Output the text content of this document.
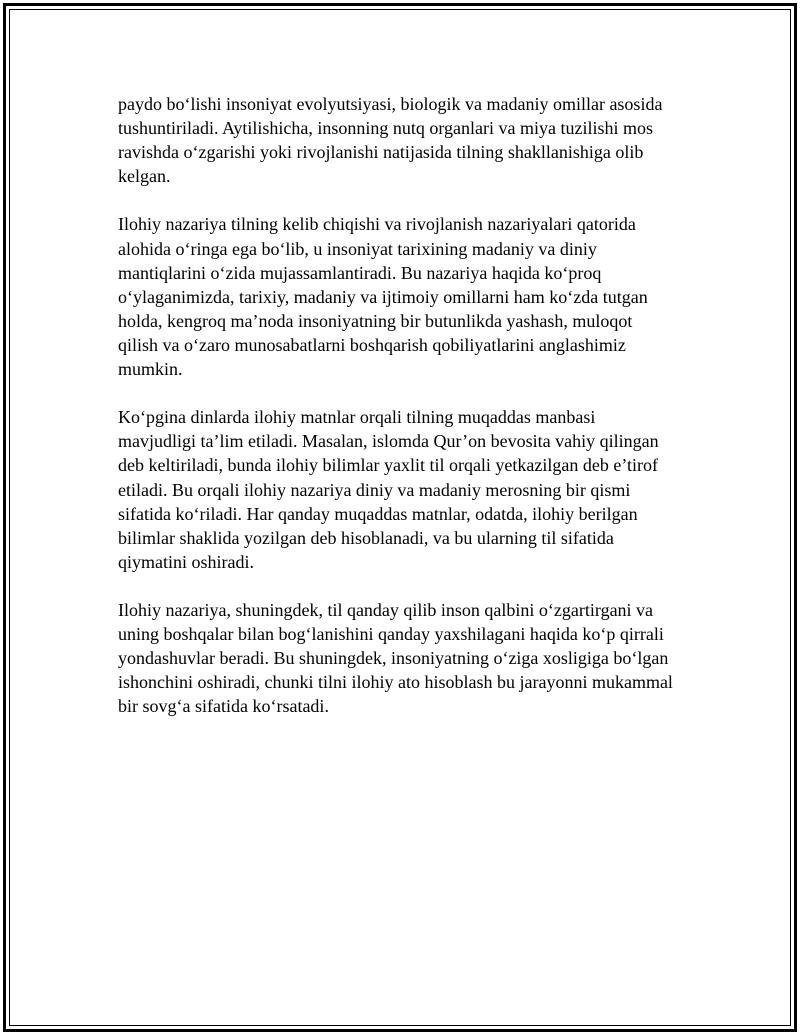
paydo bo‘lishi insoniyat evolyutsiyasi, biologik va madaniy omillar asosida
tushuntiriladi. Aytilishicha, insonning nutq organlari va miya tuzilishi mos
ravishda o‘zgarishi yoki rivojlanishi natijasida tilning shakllanishiga olib
kelgan.

Ilohiy nazariya tilning kelib chiqishi va rivojlanish nazariyalari qatorida
alohida o‘ringa ega bo‘lib, u insoniyat tarixining madaniy va diniy
mantiqlarini o‘zida mujassamlantiradi. Bu nazariya haqida ko‘proq
o‘ylaganimizda, tarixiy, madaniy va ijtimoiy omillarni ham ko‘zda tutgan
holda, kengroq ma’noda insoniyatning bir butunlikda yashash, muloqot
qilish va o‘zaro munosabatlarni boshqarish qobiliyatlarini anglashimiz
mumkin.

Ko‘pgina dinlarda ilohiy matnlar orqali tilning muqaddas manbasi
mavjudligi ta’lim etiladi. Masalan, islomda Qur’on bevosita vahiy qilingan
deb keltiriladi, bunda ilohiy bilimlar yaxlit til orqali yetkazilgan deb e’tirof
etiladi. Bu orqali ilohiy nazariya diniy va madaniy merosning bir qismi
sifatida ko‘riladi. Har qanday muqaddas matnlar, odatda, ilohiy berilgan
bilimlar shaklida yozilgan deb hisoblanadi, va bu ularning til sifatida
qiymatini oshiradi.

Ilohiy nazariya, shuningdek, til qanday qilib inson qalbini o‘zgartirgani va
uning boshqalar bilan bog‘lanishini qanday yaxshilagani haqida ko‘p qirrali
yondashuvlar beradi. Bu shuningdek, insoniyatning o‘ziga xosligiga bo‘lgan
ishonchini oshiradi, chunki tilni ilohiy ato hisoblash bu jarayonni mukammal
bir sovg‘a sifatida ko‘rsatadi.
